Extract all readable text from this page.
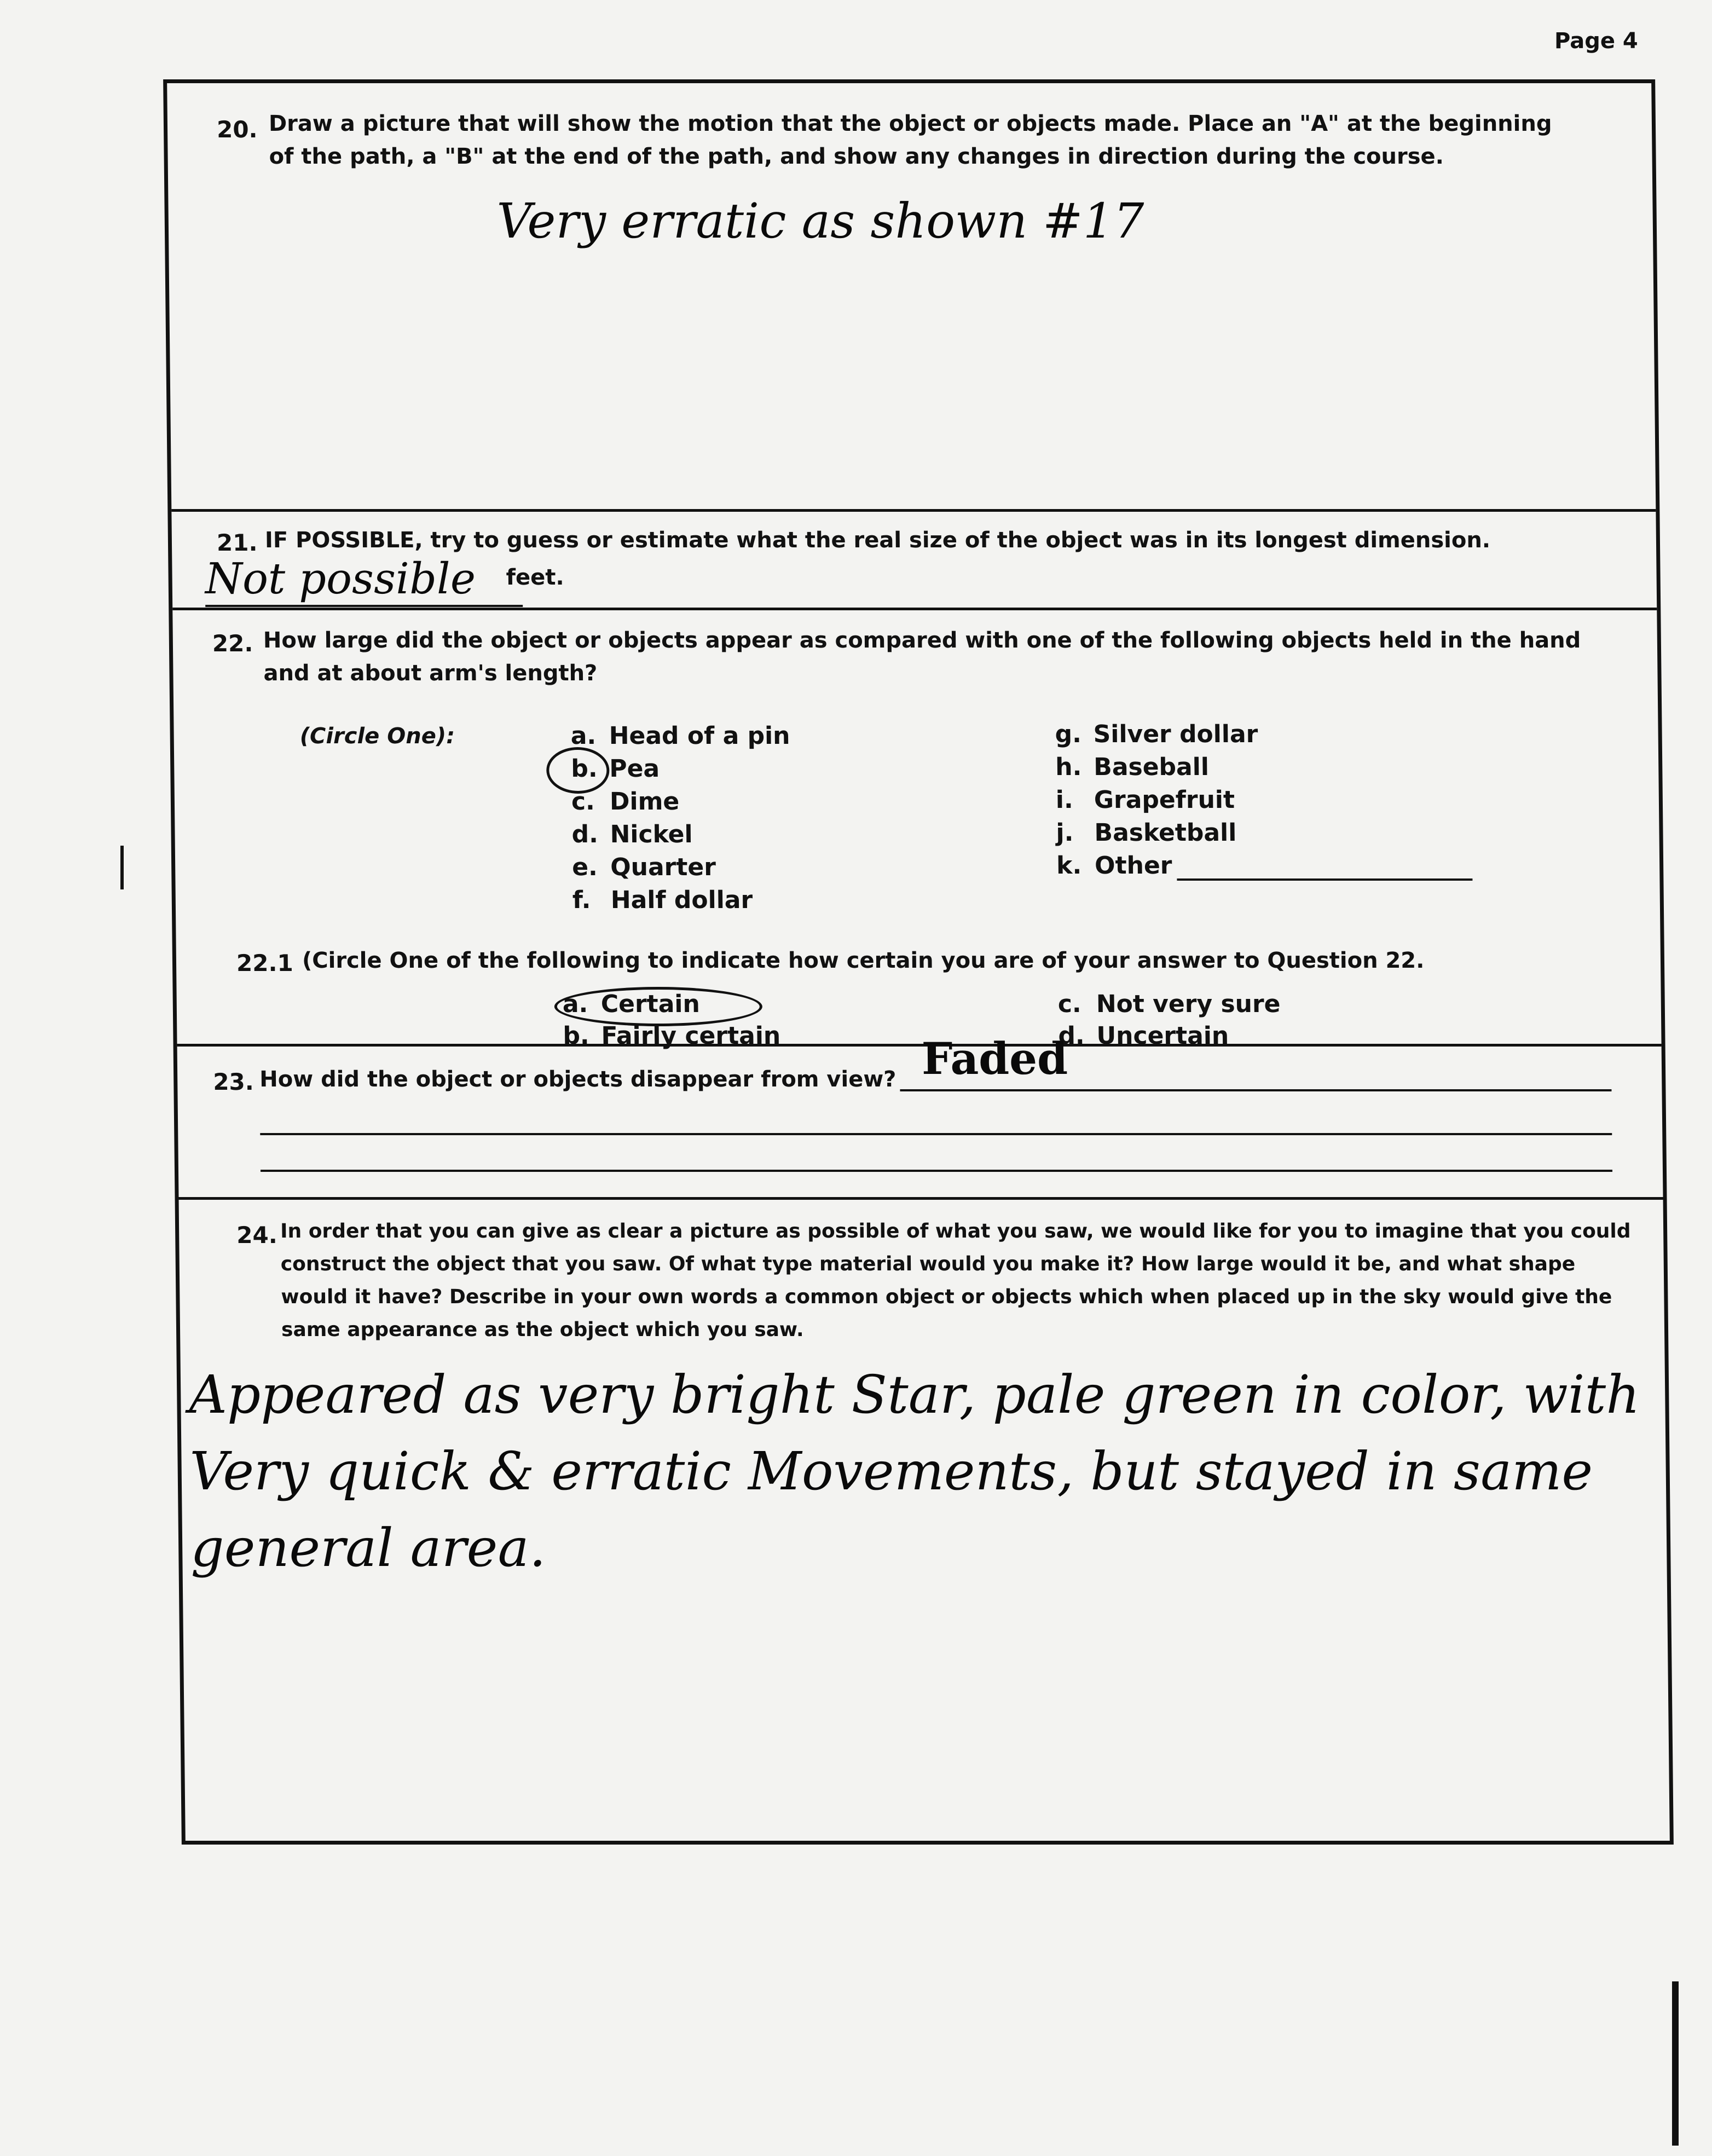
Page 4
20. Draw a picture that will show the motion that the object or objects made. Place an "A" at the beginning
of the path, a "B" at the end of the path, and show any changes in direction during the course.
Very erratic as shown #17
21. IF POSSIBLE, try to guess or estimate what the real size of the object was in its longest dimension.
Not possible feet.
22. How large did the object or objects appear as compared with one of the following objects held in the hand
and at about arm's length?
(Circle One):	a. Head of a pin
b. Pea
c. Dime
d. Nickel
e. Quarter
f. Half dollar
g. Silver dollar
h. Baseball
i. Grapefruit
j. Basketball
k. Other
22.1 (Circle One of the following to indicate how certain you are of your answer to Question 22.
a. Certain
b. Fairly certain
c. Not very sure
d. Uncertain
23. How did the object or objects disappear from view? Faded
24. In order that you can give as clear a picture as possible of what you saw, we would like for you to imagine that you could
construct the object that you saw. Of what type material would you make it? How large would it be, and what shape
would it have? Describe in your own words a common object or objects which when placed up in the sky would give the
same appearance as the object which you saw.
Appeared as very bright Star, pale green in color, with
Very quick & erratic Movements, but stayed in same
general area.
